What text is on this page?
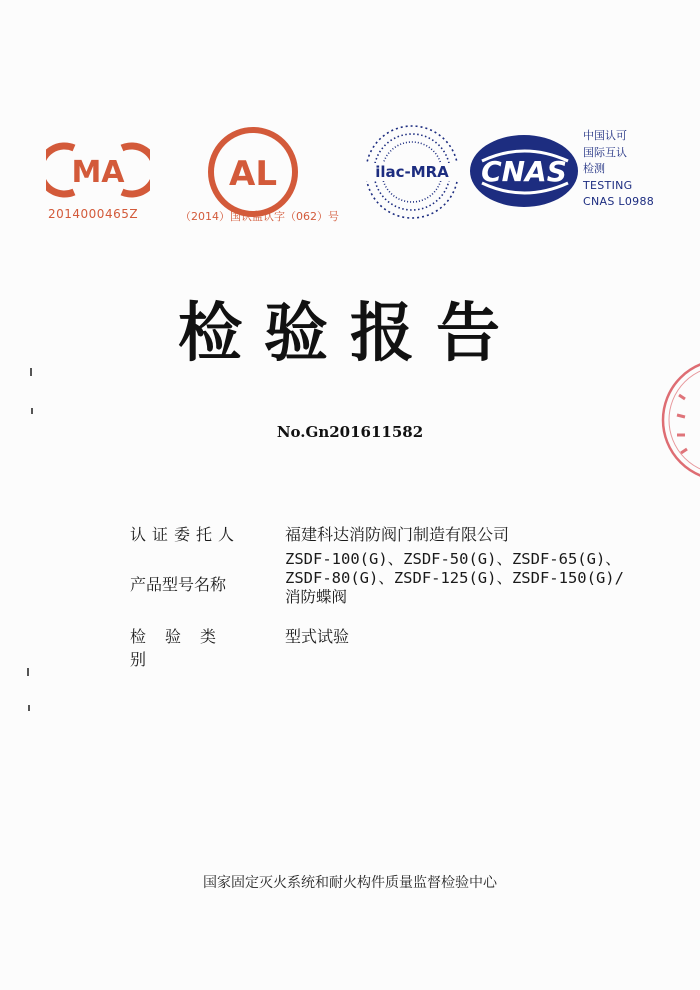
MA
2014000465Z
AL
（2014）国认监认字（062）号
ilac-MRA CNAS
中国认可
国际互认
检测
TESTING
CNAS L0988
检验报告
No.Gn201611582
认证委托人	福建科达消防阀门制造有限公司
产品型号名称
ZSDF-100(G)、ZSDF-50(G)、ZSDF-65(G)、
ZSDF-80(G)、ZSDF-125(G)、ZSDF-150(G)/
消防蝶阀
检验类别
型式试验
国家固定灭火系统和耐火构件质量监督检验中心
